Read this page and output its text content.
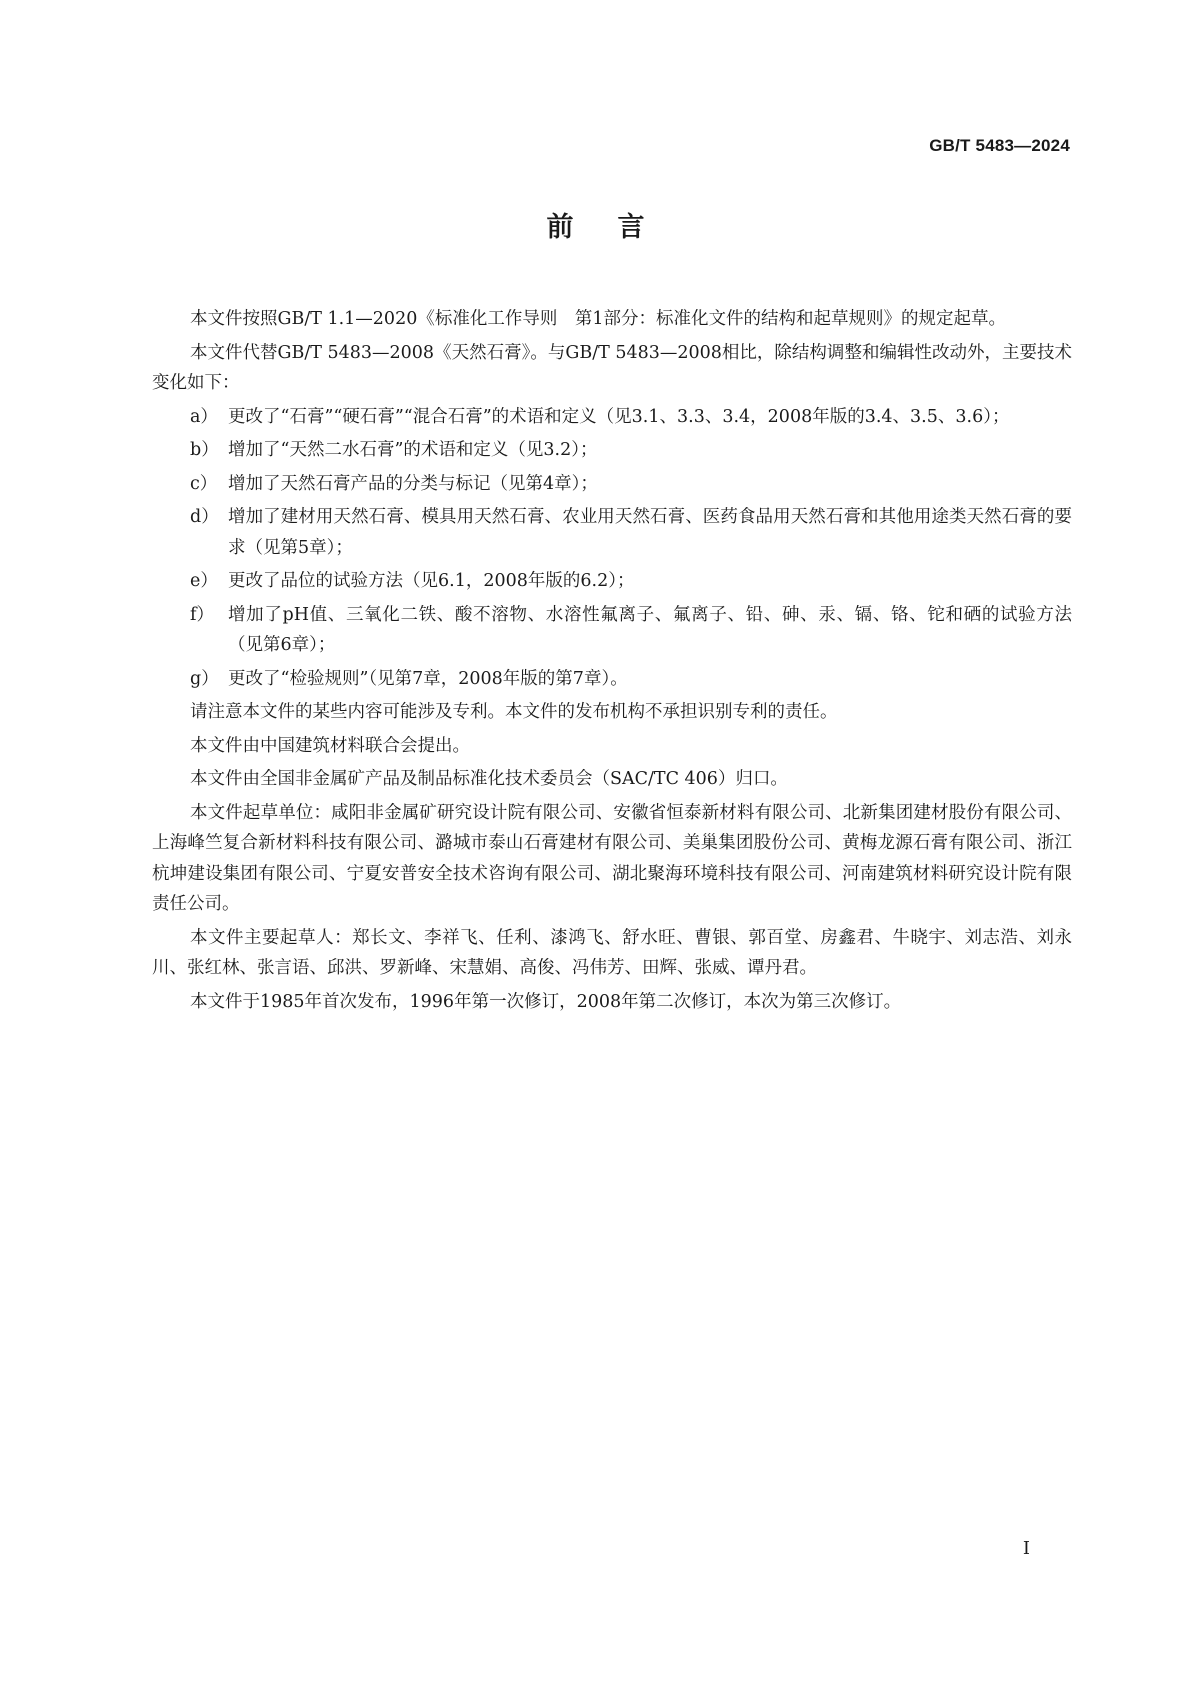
GB/T 5483—2024
前言

本文件按照GB/T 1.1—2020《标准化工作导则　第1部分：标准化文件的结构和起草规则》的规定起草。

本文件代替GB/T 5483—2008《天然石膏》。与GB/T 5483—2008相比，除结构调整和编辑性改动外，主要技术变化如下：

a） 更改了“石膏”“硬石膏”“混合石膏”的术语和定义（见3.1、3.3、3.4，2008年版的3.4、3.5、3.6）；
b） 增加了“天然二水石膏”的术语和定义（见3.2）；
c） 增加了天然石膏产品的分类与标记（见第4章）；
d） 增加了建材用天然石膏、模具用天然石膏、农业用天然石膏、医药食品用天然石膏和其他用途类天然石膏的要求（见第5章）；
e） 更改了品位的试验方法（见6.1，2008年版的6.2）；
f） 增加了pH值、三氧化二铁、酸不溶物、水溶性氟离子、氟离子、铅、砷、汞、镉、铬、铊和硒的试验方法（见第6章）；
g） 更改了“检验规则”（见第7章，2008年版的第7章）。

请注意本文件的某些内容可能涉及专利。本文件的发布机构不承担识别专利的责任。

本文件由中国建筑材料联合会提出。

本文件由全国非金属矿产品及制品标准化技术委员会（SAC/TC 406）归口。

本文件起草单位：咸阳非金属矿研究设计院有限公司、安徽省恒泰新材料有限公司、北新集团建材股份有限公司、上海峰竺复合新材料科技有限公司、潞城市泰山石膏建材有限公司、美巢集团股份公司、黄梅龙源石膏有限公司、浙江杭坤建设集团有限公司、宁夏安普安全技术咨询有限公司、湖北聚海环境科技有限公司、河南建筑材料研究设计院有限责任公司。

本文件主要起草人：郑长文、李祥飞、任利、漆鸿飞、舒水旺、曹银、郭百堂、房鑫君、牛晓宇、刘志浩、刘永川、张红林、张言语、邱洪、罗新峰、宋慧娟、高俊、冯伟芳、田辉、张威、谭丹君。

本文件于1985年首次发布，1996年第一次修订，2008年第二次修订，本次为第三次修订。

I
